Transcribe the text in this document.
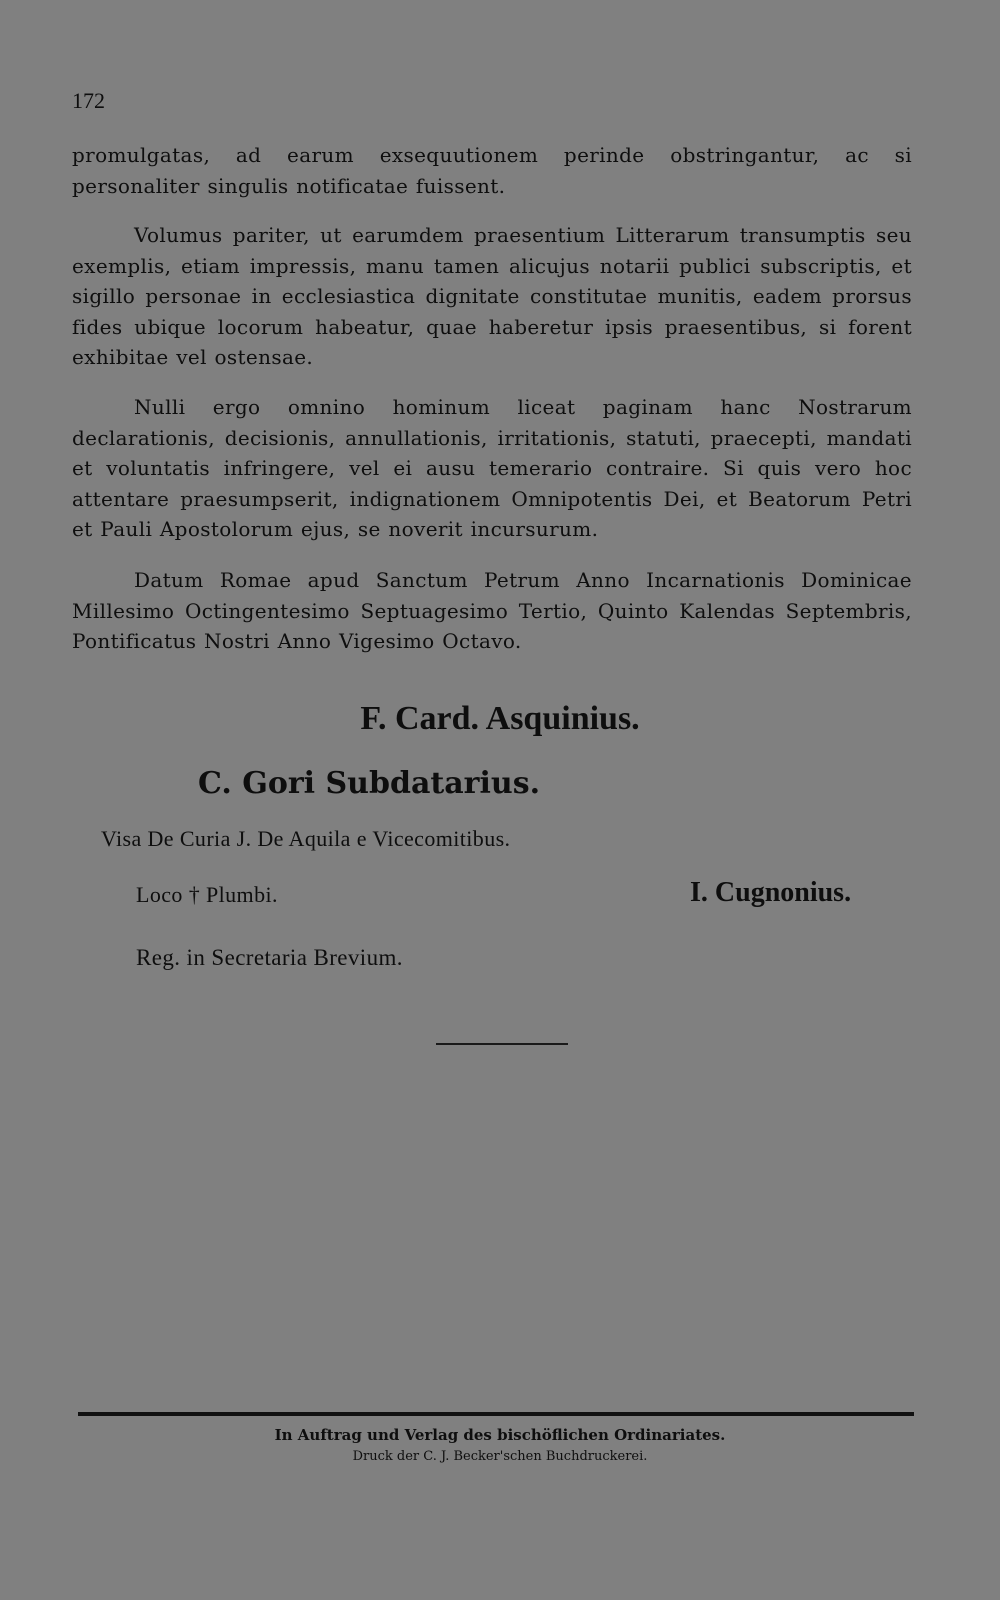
172

promulgatas, ad earum exsequutionem perinde obstringantur, ac si personaliter singulis notificatae fuissent.

Volumus pariter, ut earumdem praesentium Litterarum transumptis seu exemplis, etiam impressis, manu tamen alicujus notarii publici subscriptis, et sigillo personae in ecclesiastica dignitate constitutae munitis, eadem prorsus fides ubique locorum habeatur, quae haberetur ipsis praesentibus, si forent exhibitae vel ostensae.

Nulli ergo omnino hominum liceat paginam hanc Nostrarum declarationis, decisionis, annullationis, irritationis, statuti, praecepti, mandati et voluntatis infringere, vel ei ausu temerario contraire. Si quis vero hoc attentare praesumpserit, indignationem Omnipotentis Dei, et Beatorum Petri et Pauli Apostolorum ejus, se noverit incursurum.

Datum Romae apud Sanctum Petrum Anno Incarnationis Dominicae Millesimo Octingentesimo Septuagesimo Tertio, Quinto Kalendas Septembris, Pontificatus Nostri Anno Vigesimo Octavo.

F. Card. Asquinius.
C. Gori Subdatarius.
Visa De Curia J. De Aquila e Vicecomitibus.
Loco † Plumbi.	I. Cugnonius.
Reg. in Secretaria Brevium.
In Auftrag und Verlag des bischöflichen Ordinariates.
Druck der C. J. Becker'schen Buchdruckerei.
